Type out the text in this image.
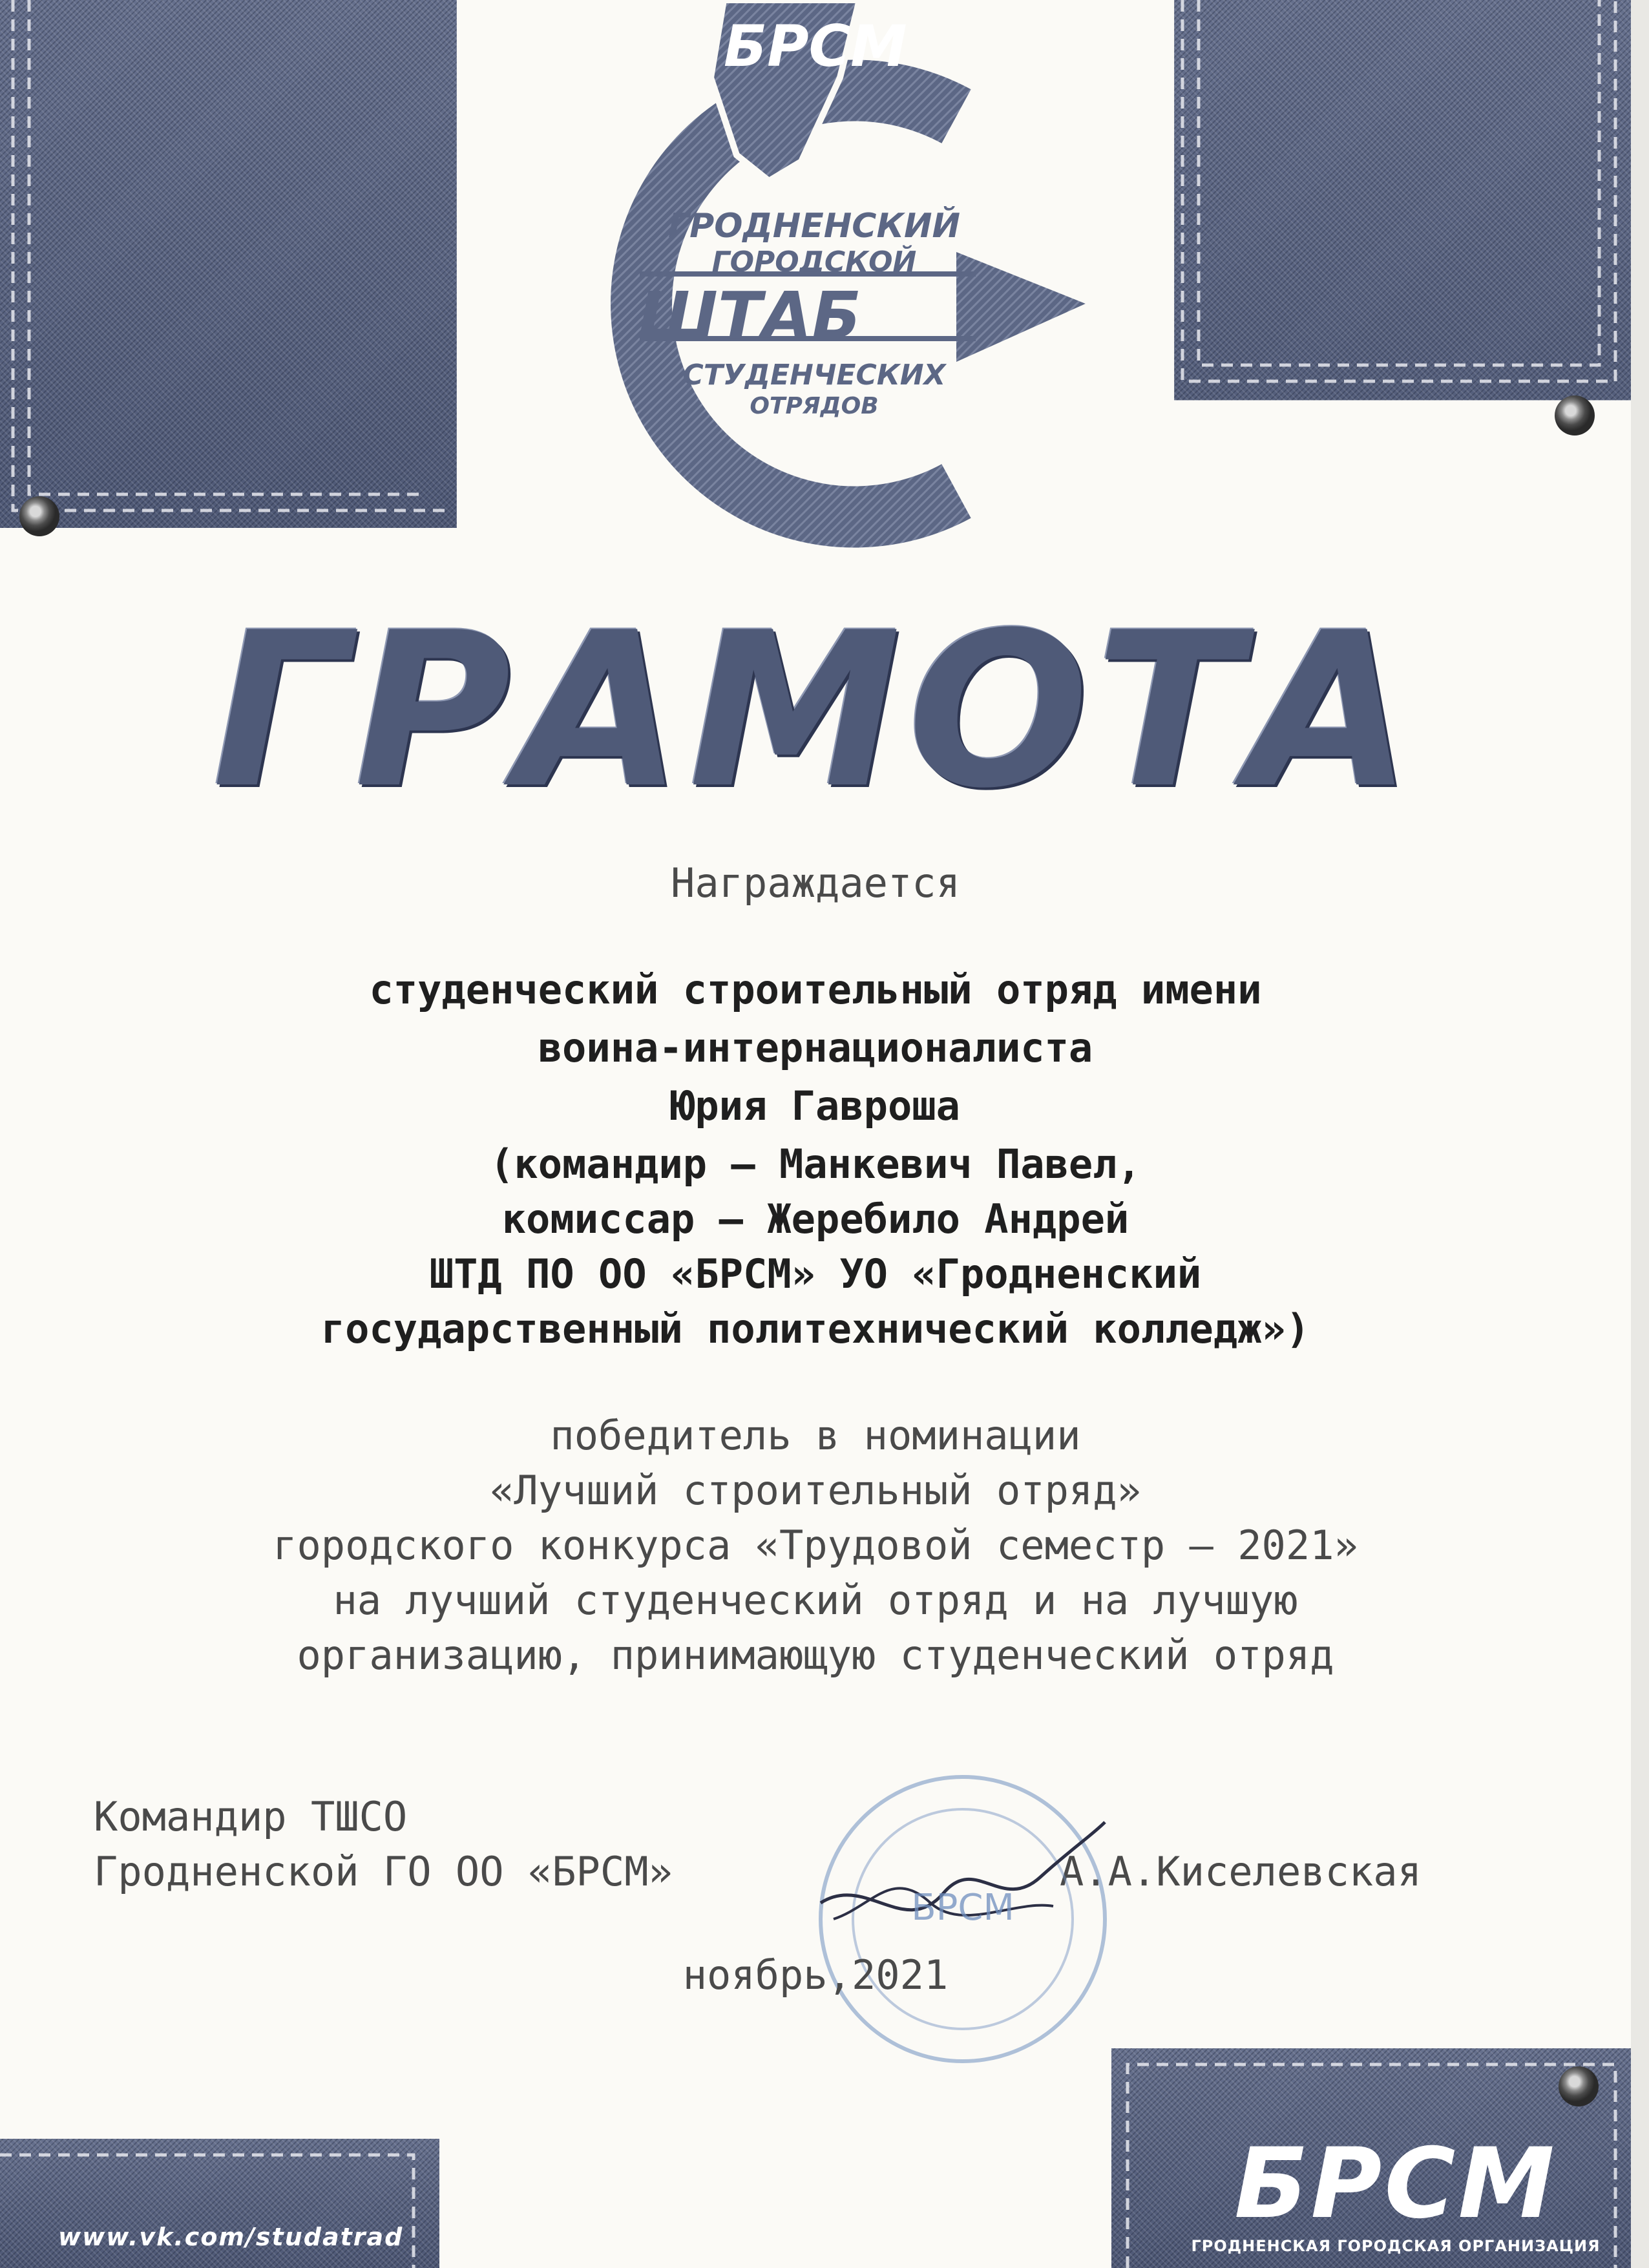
БРСМ
ГРОДНЕНСКИЙ
ГОРОДСКОЙ
ШТАБ
СТУДЕНЧЕСКИХ
ОТРЯДОВ
ГРАМОТА
Награждается
студенческий строительный отряд имени
воина-интернационалиста
Юрия Гавроша
(командир – Манкевич Павел,
комиссар – Жеребило Андрей
ШТД ПО ОО «БРСМ» УО «Гродненский
государственный политехнический колледж»)
победитель в номинации
«Лучший строительный отряд»
городского конкурса «Трудовой семестр – 2021»
на лучший студенческий отряд и на лучшую
организацию, принимающую студенческий отряд
Командир ТШСО
Гродненской ГО ОО «БРСМ»	А.А.Киселевская
БРСМ
ноябрь,2021
www.vk.com/studatrad	БРСМ
ГРОДНЕНСКАЯ ГОРОДСКАЯ ОРГАНИЗАЦИЯ
